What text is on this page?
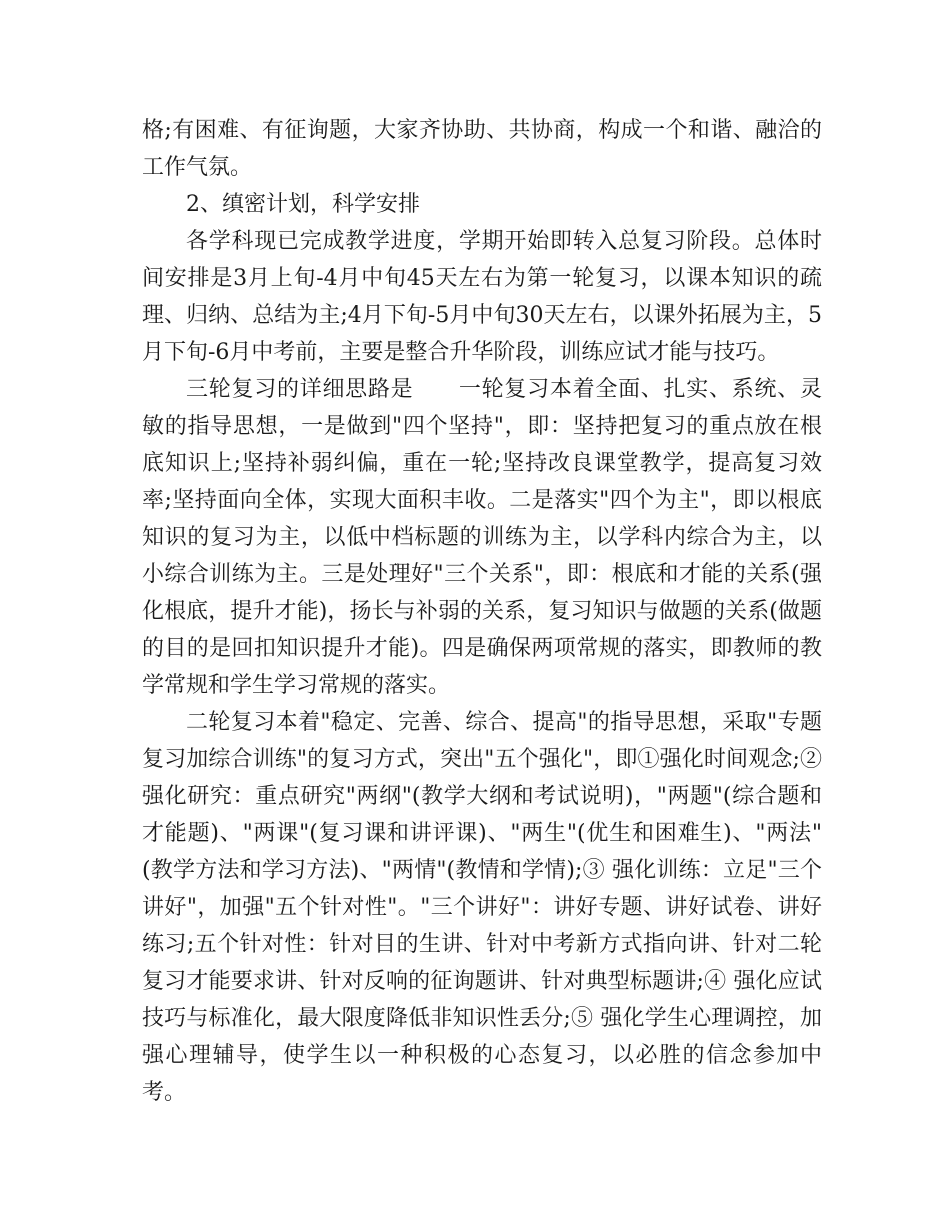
格;有困难、有征询题，大家齐协助、共协商，构成一个和谐、融洽的工作气氛。

2、缜密计划，科学安排

各学科现已完成教学进度，学期开始即转入总复习阶段。总体时间安排是3月上旬-4月中旬45天左右为第一轮复习，以课本知识的疏理、归纳、总结为主;4月下旬-5月中旬30天左右，以课外拓展为主，5月下旬-6月中考前，主要是整合升华阶段，训练应试才能与技巧。

三轮复习的详细思路是　　一轮复习本着全面、扎实、系统、灵敏的指导思想，一是做到"四个坚持"，即：坚持把复习的重点放在根底知识上;坚持补弱纠偏，重在一轮;坚持改良课堂教学，提高复习效率;坚持面向全体，实现大面积丰收。二是落实"四个为主"，即以根底知识的复习为主，以低中档标题的训练为主，以学科内综合为主，以小综合训练为主。三是处理好"三个关系"，即：根底和才能的关系(强化根底，提升才能)，扬长与补弱的关系，复习知识与做题的关系(做题的目的是回扣知识提升才能)。四是确保两项常规的落实，即教师的教学常规和学生学习常规的落实。

二轮复习本着"稳定、完善、综合、提高"的指导思想，采取"专题复习加综合训练"的复习方式，突出"五个强化"，即①强化时间观念;② 强化研究：重点研究"两纲"(教学大纲和考试说明)，"两题"(综合题和才能题)、"两课"(复习课和讲评课)、"两生"(优生和困难生)、"两法"(教学方法和学习方法)、"两情"(教情和学情);③ 强化训练：立足"三个讲好"，加强"五个针对性"。"三个讲好"：讲好专题、讲好试卷、讲好练习;五个针对性：针对目的生讲、针对中考新方式指向讲、针对二轮复习才能要求讲、针对反响的征询题讲、针对典型标题讲;④ 强化应试技巧与标准化，最大限度降低非知识性丢分;⑤ 强化学生心理调控，加强心理辅导，使学生以一种积极的心态复习，以必胜的信念参加中考。
